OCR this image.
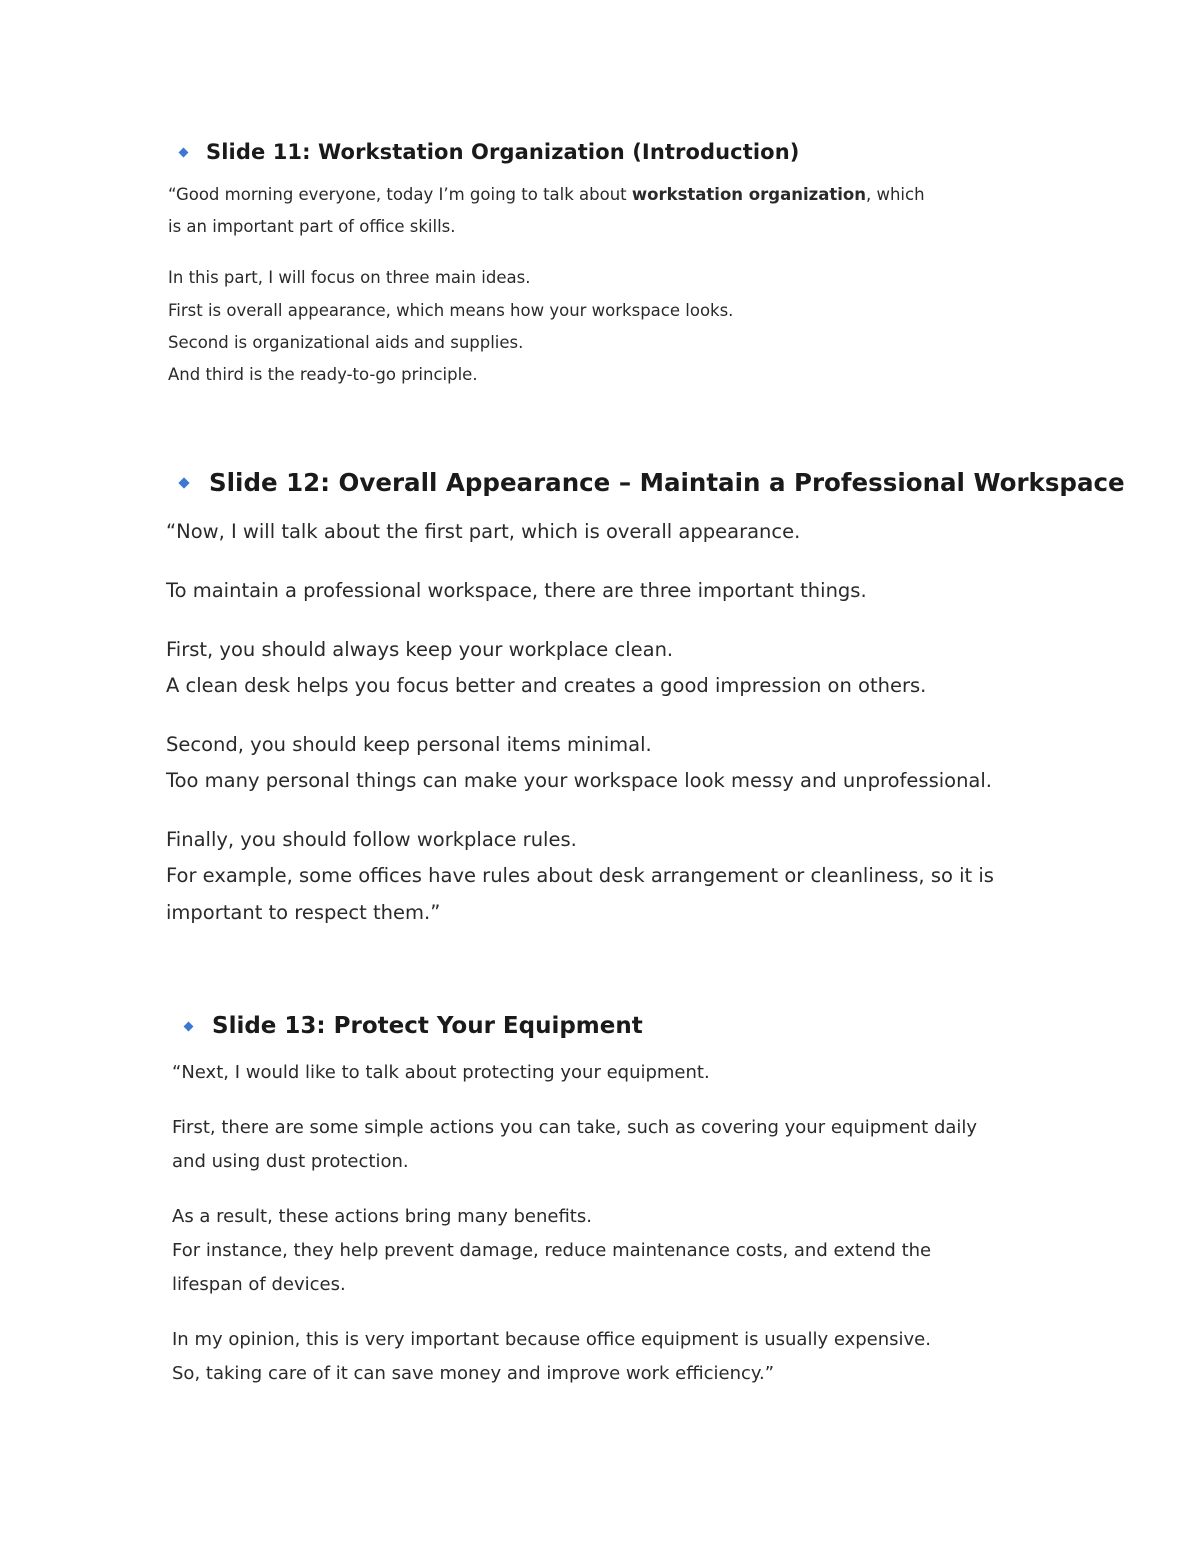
Slide 11: Workstation Organization (Introduction)
“Good morning everyone, today I’m going to talk about workstation organization, which
is an important part of office skills.
In this part, I will focus on three main ideas.
First is overall appearance, which means how your workspace looks.
Second is organizational aids and supplies.
And third is the ready-to-go principle.
Slide 12: Overall Appearance – Maintain a Professional Workspace
“Now, I will talk about the first part, which is overall appearance.
To maintain a professional workspace, there are three important things.
First, you should always keep your workplace clean.
A clean desk helps you focus better and creates a good impression on others.
Second, you should keep personal items minimal.
Too many personal things can make your workspace look messy and unprofessional.
Finally, you should follow workplace rules.
For example, some offices have rules about desk arrangement or cleanliness, so it is
important to respect them.”
Slide 13: Protect Your Equipment
“Next, I would like to talk about protecting your equipment.
First, there are some simple actions you can take, such as covering your equipment daily
and using dust protection.
As a result, these actions bring many benefits.
For instance, they help prevent damage, reduce maintenance costs, and extend the
lifespan of devices.
In my opinion, this is very important because office equipment is usually expensive.
So, taking care of it can save money and improve work efficiency.”
